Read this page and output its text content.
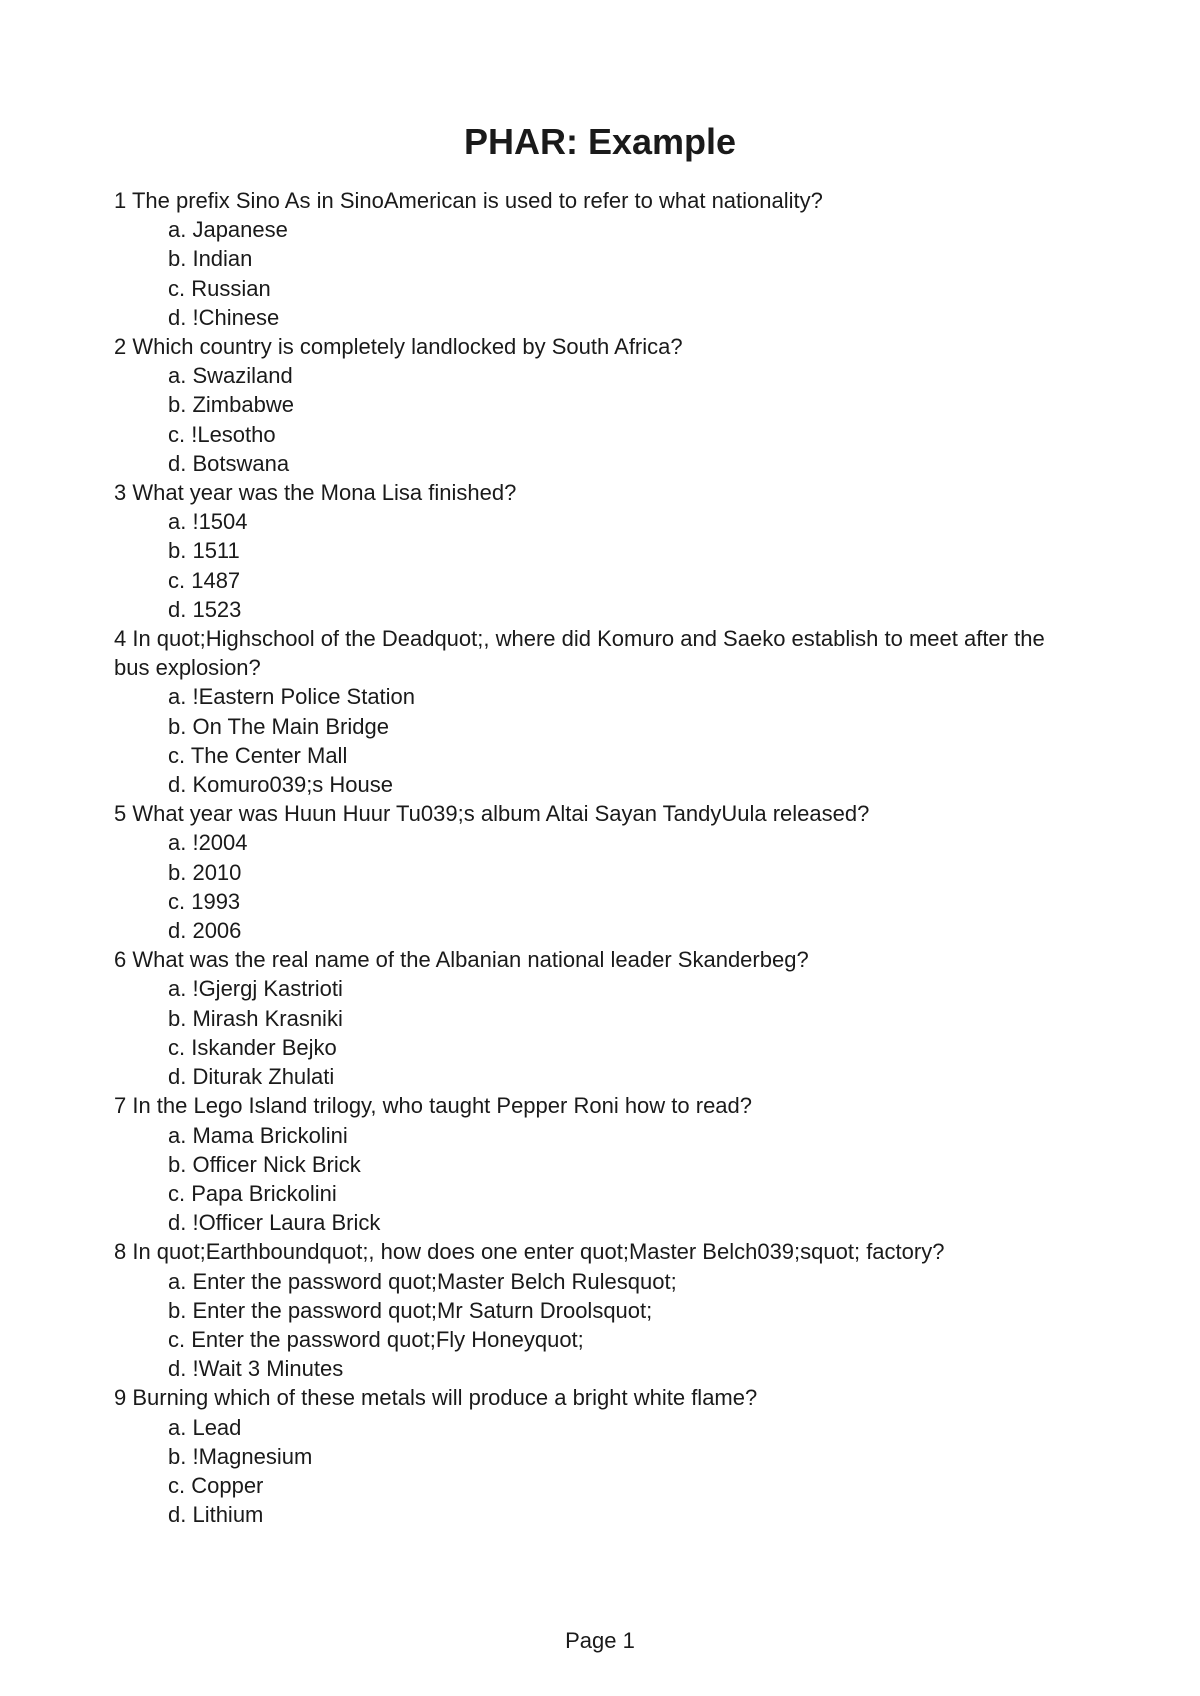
PHAR: Example

1 The prefix Sino As in SinoAmerican is used to refer to what nationality?

a. Japanese
b. Indian
c. Russian
d. !Chinese

2 Which country is completely landlocked by South Africa?

a. Swaziland
b. Zimbabwe
c. !Lesotho
d. Botswana

3 What year was the Mona Lisa finished?

a. !1504
b. 1511
c. 1487
d. 1523

4 In quot;Highschool of the Deadquot;, where did Komuro and Saeko establish to meet after the bus explosion?

a. !Eastern Police Station
b. On The Main Bridge
c. The Center Mall
d. Komuro039;s House

5 What year was Huun Huur Tu039;s album Altai Sayan TandyUula released?

a. !2004
b. 2010
c. 1993
d. 2006

6 What was the real name of the Albanian national leader Skanderbeg?

a. !Gjergj Kastrioti
b. Mirash Krasniki
c. Iskander Bejko
d. Diturak Zhulati

7 In the Lego Island trilogy, who taught Pepper Roni how to read?

a. Mama Brickolini
b. Officer Nick Brick
c. Papa Brickolini
d. !Officer Laura Brick

8 In quot;Earthboundquot;, how does one enter quot;Master Belch039;squot; factory?

a. Enter the password quot;Master Belch Rulesquot;
b. Enter the password quot;Mr Saturn Droolsquot;
c. Enter the password quot;Fly Honeyquot;
d. !Wait 3 Minutes

9 Burning which of these metals will produce a bright white flame?

a. Lead
b. !Magnesium
c. Copper
d. Lithium
Page 1
